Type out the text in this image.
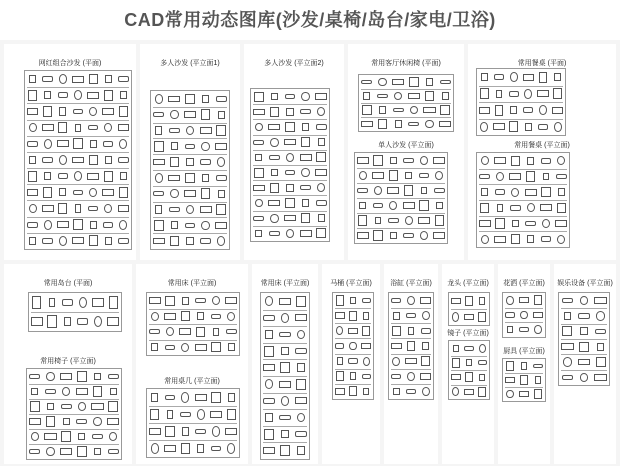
CAD常用动态图库(沙发/桌椅/岛台/家电/卫浴)
网红组合沙发 (平面)	多人沙发 (平立面1)	多人沙发 (平立面2)	常用客厅休闲椅 (平面)
单人沙发 (平立面)
常用餐桌 (平面)
常用餐桌 (平立面)
常用岛台 (平面)
常用椅子 (平立面)
常用床 (平立面)
常用桌几 (平立面)
常用床 (平立面)	马桶 (平立面)	浴缸 (平立面)	龙头 (平立面)
镜子 (平立面)
花洒 (平立面)
厨具 (平立面)
娱乐设备 (平立面)
